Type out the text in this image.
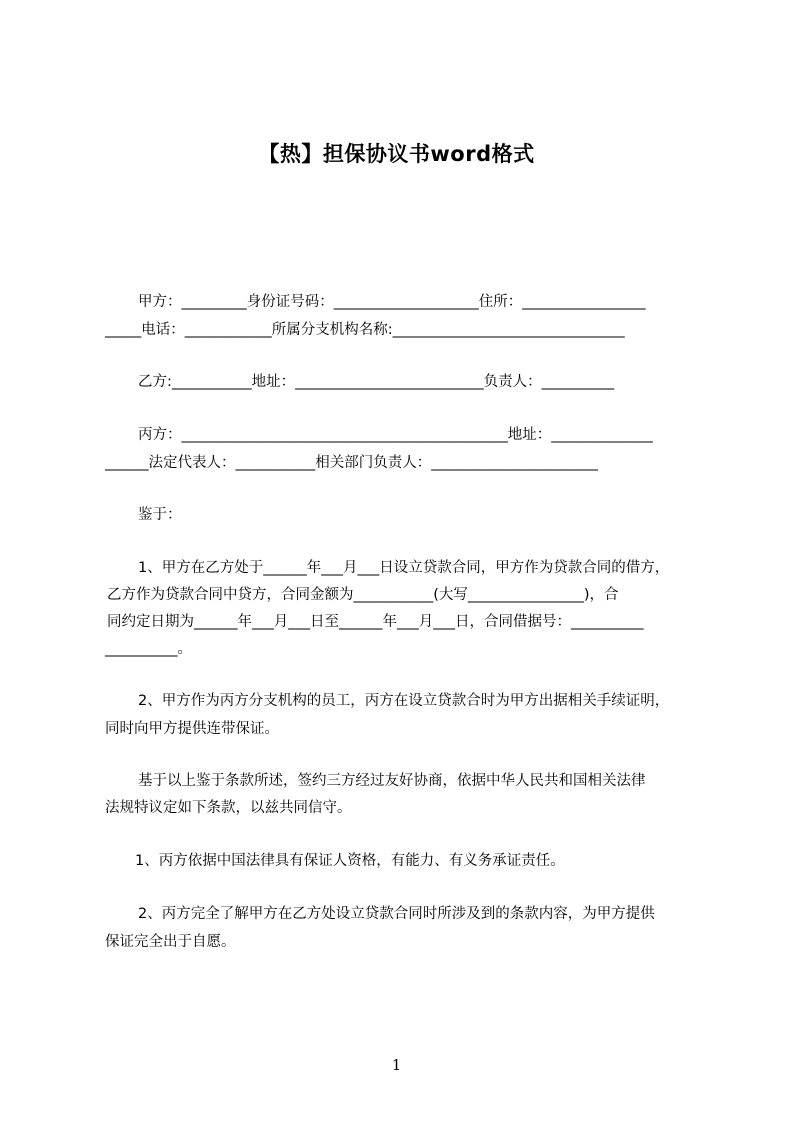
【热】担保协议书word格式
甲方：_________身份证号码：____________________住所：_________________
_____电话：____________所属分支机构名称:________________________________
乙方:___________地址：__________________________负责人：__________
丙方：_____________________________________________地址：______________
______法定代表人：___________相关部门负责人：_______________________
鉴于：
1、甲方在乙方处于______年___月___日设立贷款合同，甲方作为贷款合同的借方，
乙方作为贷款合同中贷方，合同金额为___________(大写________________)，合
同约定日期为______年___月___日至______年___月___日，合同借据号：__________
__________。
2、甲方作为丙方分支机构的员工，丙方在设立贷款合时为甲方出据相关手续证明，
同时向甲方提供连带保证。
基于以上鉴于条款所述，签约三方经过友好协商，依据中华人民共和国相关法律
法规特议定如下条款，以兹共同信守。
1、丙方依据中国法律具有保证人资格，有能力、有义务承证责任。
2、丙方完全了解甲方在乙方处设立贷款合同时所涉及到的条款内容，为甲方提供
保证完全出于自愿。
1
